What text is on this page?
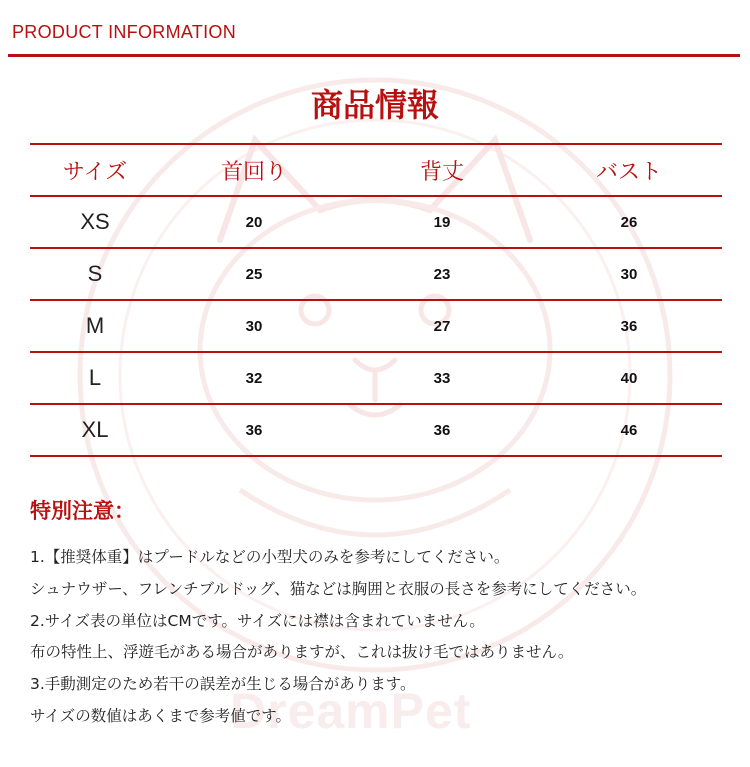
DreamPet
PRODUCT INFORMATION
商品情報
サイズ	首回り	背丈	バスト
XS	20	19	26
S	25	23	30
M	30	27	36
L	32	33	40
XL	36	36	46
特別注意：
1.【推奨体重】はプードルなどの小型犬のみを参考にしてください。
シュナウザー、フレンチブルドッグ、猫などは胸囲と衣服の長さを参考にしてください。
2.サイズ表の単位はCMです。サイズには襟は含まれていません。
布の特性上、浮遊毛がある場合がありますが、これは抜け毛ではありません。
3.手動測定のため若干の誤差が生じる場合があります。
サイズの数値はあくまで参考値です。
